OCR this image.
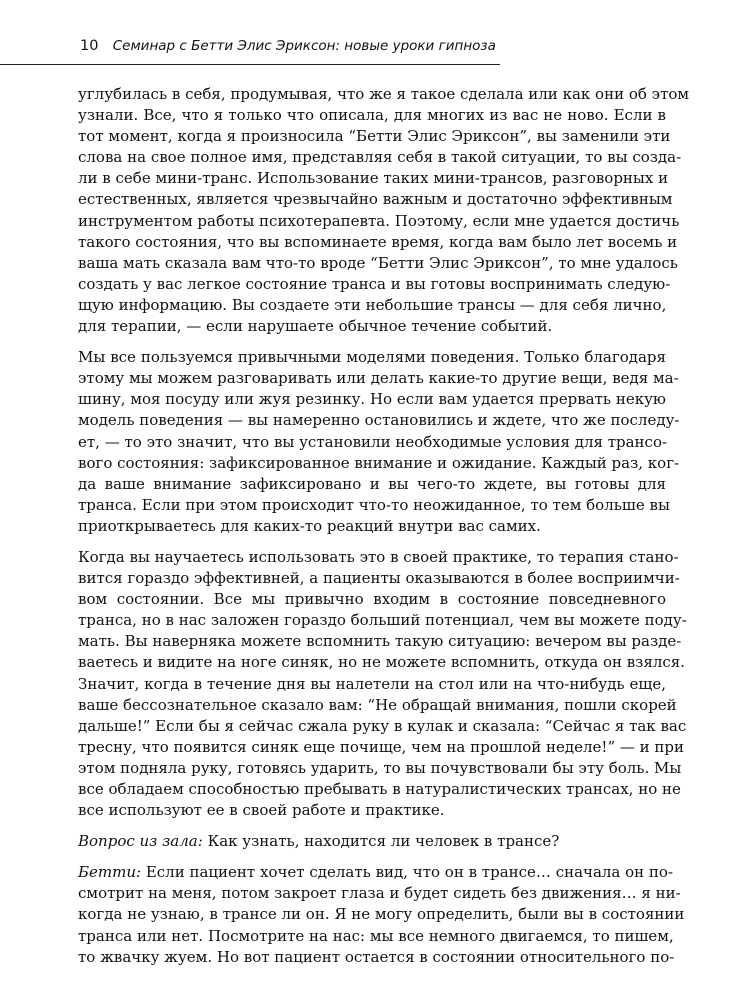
10 Семинар с Бетти Элис Эриксон: новые уроки гипноза
углубилась в себя, продумывая, что же я такое сделала или как они об этом
узнали. Все, что я только что описала, для многих из вас не ново. Если в
тот момент, когда я произносила “Бетти Элис Эриксон”, вы заменили эти
слова на свое полное имя, представляя себя в такой ситуации, то вы созда-
ли в себе мини-транс. Использование таких мини-трансов, разговорных и
естественных, является чрезвычайно важным и достаточно эффективным
инструментом работы психотерапевта. Поэтому, если мне удается достичь
такого состояния, что вы вспоминаете время, когда вам было лет восемь и
ваша мать сказала вам что-то вроде “Бетти Элис Эриксон”, то мне удалось
создать у вас легкое состояние транса и вы готовы воспринимать следую-
щую информацию. Вы создаете эти небольшие трансы — для себя лично,
для терапии, — если нарушаете обычное течение событий.
Мы все пользуемся привычными моделями поведения. Только благодаря
этому мы можем разговаривать или делать какие-то другие вещи, ведя ма-
шину, моя посуду или жуя резинку. Но если вам удается прервать некую
модель поведения — вы намеренно остановились и ждете, что же последу-
ет, — то это значит, что вы установили необходимые условия для трансо-
вого состояния: зафиксированное внимание и ожидание. Каждый раз, ког-
да ваше внимание зафиксировано и вы чего-то ждете, вы готовы для
транса. Если при этом происходит что-то неожиданное, то тем больше вы
приоткрываетесь для каких-то реакций внутри вас самих.
Когда вы научаетесь использовать это в своей практике, то терапия стано-
вится гораздо эффективней, а пациенты оказываются в более восприимчи-
вом состоянии. Все мы привычно входим в состояние повседневного
транса, но в нас заложен гораздо больший потенциал, чем вы можете поду-
мать. Вы наверняка можете вспомнить такую ситуацию: вечером вы разде-
ваетесь и видите на ноге синяк, но не можете вспомнить, откуда он взялся.
Значит, когда в течение дня вы налетели на стол или на что-нибудь еще,
ваше бессознательное сказало вам: “Не обращай внимания, пошли скорей
дальше!” Если бы я сейчас сжала руку в кулак и сказала: “Сейчас я так вас
тресну, что появится синяк еще почище, чем на прошлой неделе!” — и при
этом подняла руку, готовясь ударить, то вы почувствовали бы эту боль. Мы
все обладаем способностью пребывать в натуралистических трансах, но не
все используют ее в своей работе и практике.
Вопрос из зала: Как узнать, находится ли человек в трансе?
Бетти: Если пациент хочет сделать вид, что он в трансе… сначала он по-
смотрит на меня, потом закроет глаза и будет сидеть без движения… я ни-
когда не узнаю, в трансе ли он. Я не могу определить, были вы в состоянии
транса или нет. Посмотрите на нас: мы все немного двигаемся, то пишем,
то жвачку жуем. Но вот пациент остается в состоянии относительного по-
